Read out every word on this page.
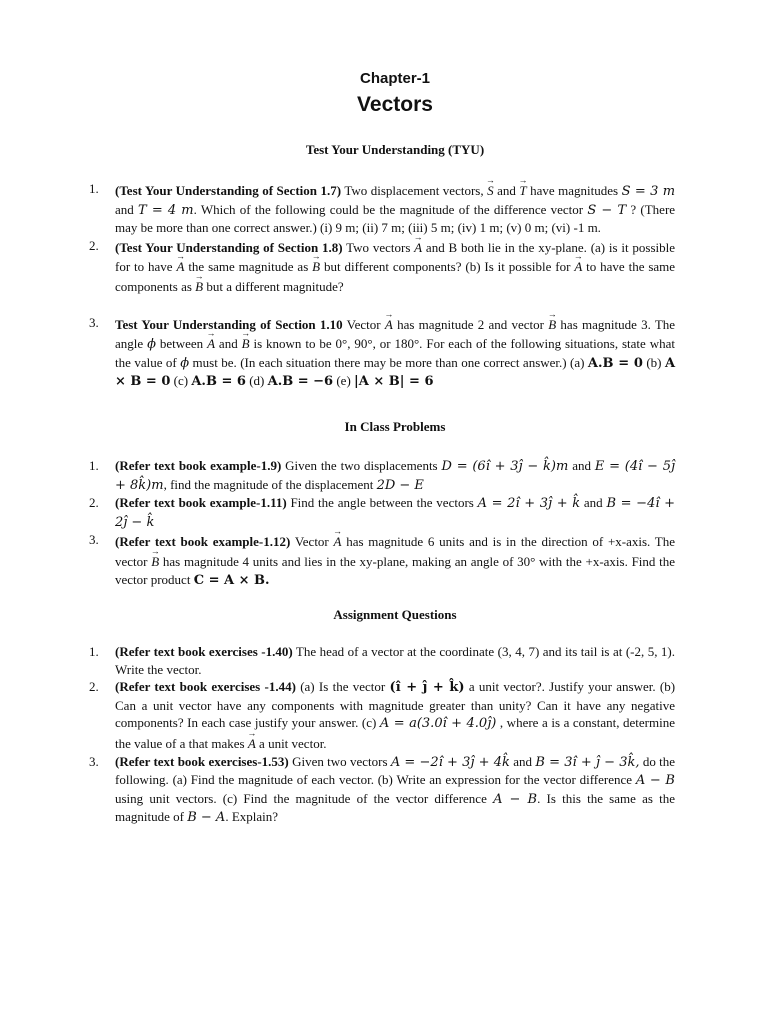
Chapter-1

Vectors

Test Your Understanding (TYU)

1. (Test Your Understanding of Section 1.7) Two displacement vectors, → S and → T have magnitudes S = 3 m and T = 4 m. Which of the following could be the magnitude of the difference vector S − T ? (There may be more than one correct answer.) (i) 9 m; (ii) 7 m; (iii) 5 m; (iv) 1 m; (v) 0 m; (vi) -1 m.
2. (Test Your Understanding of Section 1.8) Two vectors → A and B both lie in the xy-plane. (a) is it possible for to have → A the same magnitude as → B but different components? (b) Is it possible for → A to have the same components as → B but a different magnitude?
3. Test Your Understanding of Section 1.10 Vector → A has magnitude 2 and vector → B has magnitude 3. The angle ϕ between → A and → B is known to be 0°, 90°, or 180°. For each of the following situations, state what the value of ϕ must be. (In each situation there may be more than one correct answer.) (a) A.B = 0 (b) A × B = 0 (c) A.B = 6 (d) A.B = −6 (e) |A × B| = 6

In Class Problems

1. (Refer text book example-1.9) Given the two displacements D = (6î + 3ĵ − k̂)m and E = (4î − 5ĵ + 8k̂)m, find the magnitude of the displacement 2D − E
2. (Refer text book example-1.11) Find the angle between the vectors A = 2î + 3ĵ + k̂ and B = −4î + 2ĵ − k̂
3. (Refer text book example-1.12) Vector → A has magnitude 6 units and is in the direction of +x-axis. The vector → B has magnitude 4 units and lies in the xy-plane, making an angle of 30° with the +x-axis. Find the vector product C = A × B.

Assignment Questions

1. (Refer text book exercises -1.40) The head of a vector at the coordinate (3, 4, 7) and its tail is at (-2, 5, 1). Write the vector.
2. (Refer text book exercises -1.44) (a) Is the vector (î + ĵ + k̂) a unit vector?. Justify your answer. (b) Can a unit vector have any components with magnitude greater than unity? Can it have any negative components? In each case justify your answer. (c) A = a(3.0î + 4.0ĵ) , where a is a constant, determine the value of a that makes → A a unit vector.
3. (Refer text book exercises-1.53) Given two vectors A = −2î + 3ĵ + 4k̂ and B = 3î + ĵ − 3k̂, do the following. (a) Find the magnitude of each vector. (b) Write an expression for the vector difference A − B using unit vectors. (c) Find the magnitude of the vector difference A − B. Is this the same as the magnitude of B − A. Explain?
